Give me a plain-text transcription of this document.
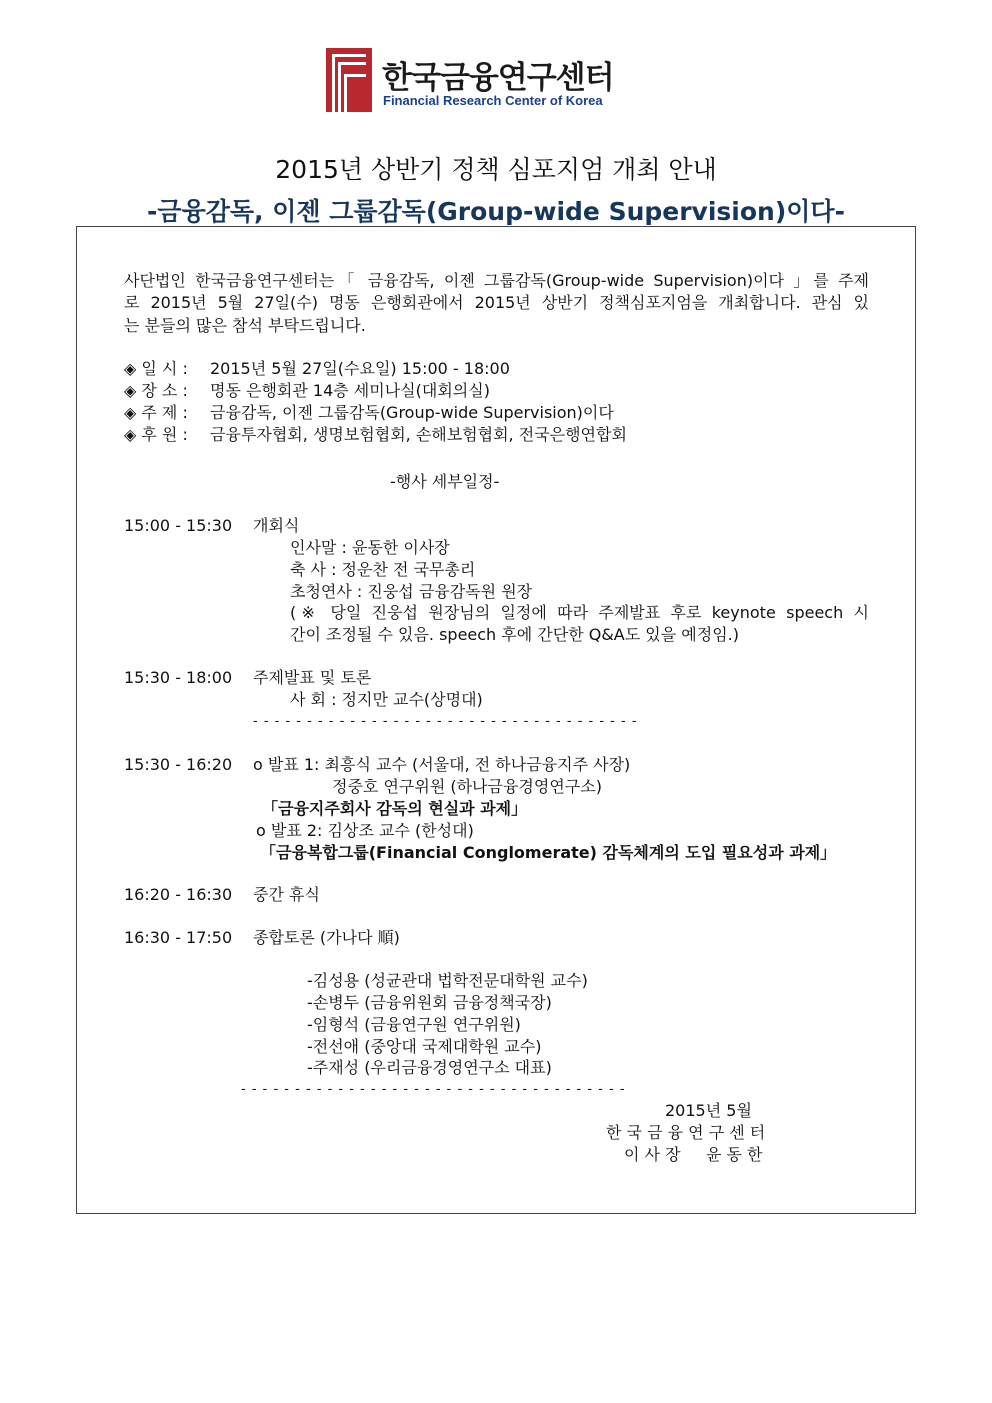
한국금융연구센터
Financial Research Center of Korea
2015년 상반기 정책 심포지엄 개최 안내
-금융감독, 이젠 그룹감독(Group-wide Supervision)이다-
사단법인 한국금융연구센터는「 금융감독, 이젠 그룹감독(Group-wide Supervision)이다 」를 주제
로 2015년 5월 27일(수) 명동 은행회관에서 2015년 상반기 정책심포지엄을 개최합니다. 관심 있
는 분들의 많은 참석 부탁드립니다.
◈ 일 시 : 2015년 5월 27일(수요일) 15:00 - 18:00
◈ 장 소 : 명동 은행회관 14층 세미나실(대회의실)
◈ 주 제 : 금융감독, 이젠 그룹감독(Group-wide Supervision)이다
◈ 후 원 : 금융투자협회, 생명보험협회, 손해보험협회, 전국은행연합회
-행사 세부일정-
15:00 - 15:30 개회식
인사말 : 윤동한 이사장
축 사 : 정운찬 전 국무총리
초청연사 : 진웅섭 금융감독원 원장
(※ 당일 진웅섭 원장님의 일정에 따라 주제발표 후로 keynote speech 시
간이 조정될 수 있음. speech 후에 간단한 Q&A도 있을 예정임.)
15:30 - 18:00 주제발표 및 토론
사 회 : 정지만 교수(상명대)
- - - - - - - - - - - - - - - - - - - - - - - - - - - - - - - - - - - -
15:30 - 16:20 o 발표 1: 최흥식 교수 (서울대, 전 하나금융지주 사장)
정중호 연구위원 (하나금융경영연구소)
「금융지주회사 감독의 현실과 과제」
o 발표 2: 김상조 교수 (한성대)
「금융복합그룹(Financial Conglomerate) 감독체계의 도입 필요성과 과제」
16:20 - 16:30 중간 휴식
16:30 - 17:50 종합토론 (가나다 順)
-김성용 (성균관대 법학전문대학원 교수)
-손병두 (금융위원회 금융정책국장)
-임형석 (금융연구원 연구위원)
-전선애 (중앙대 국제대학원 교수)
-주재성 (우리금융경영연구소 대표)
- - - - - - - - - - - - - - - - - - - - - - - - - - - - - - - - - - - -
2015년 5월
한 국 금 융 연 구 센 터
이 사 장     윤 동 한
